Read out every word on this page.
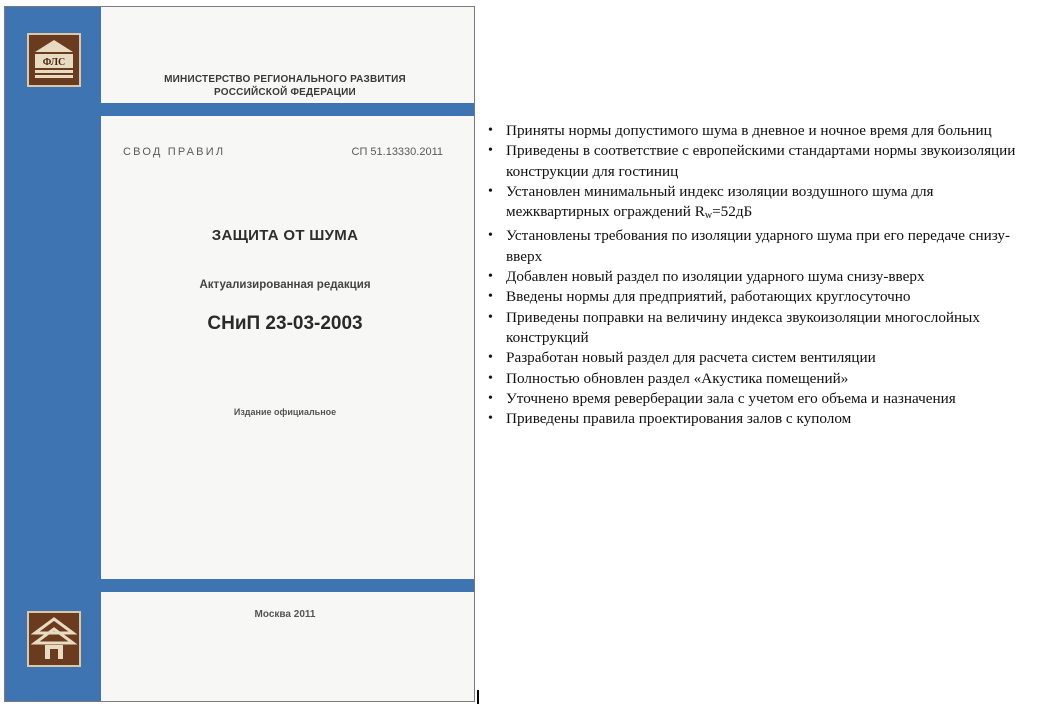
ФЛС
МИНИСТЕРСТВО РЕГИОНАЛЬНОГО РАЗВИТИЯ
РОССИЙСКОЙ ФЕДЕРАЦИИ
СВОД ПРАВИЛ	СП 51.13330.2011
ЗАЩИТА ОТ ШУМА
Актуализированная редакция
СНиП 23-03-2003
Издание официальное
Москва 2011
• Приняты нормы допустимого шума в дневное и ночное время для больниц
• Приведены в соответствие с европейскими стандартами нормы звукоизоляции конструкции для гостиниц
• Установлен минимальный индекс изоляции воздушного шума для межквартирных ограждений $R_w=52дБ$
• Установлены требования по изоляции ударного шума при его передаче снизу-вверх
• Добавлен новый раздел по изоляции ударного шума снизу-вверх
• Введены нормы для предприятий, работающих круглосуточно
• Приведены поправки на величину индекса звукоизоляции многослойных конструкций
• Разработан новый раздел для расчета систем вентиляции
• Полностью обновлен раздел «Акустика помещений»
• Уточнено время реверберации зала с учетом его объема и назначения
• Приведены правила проектирования залов с куполом
